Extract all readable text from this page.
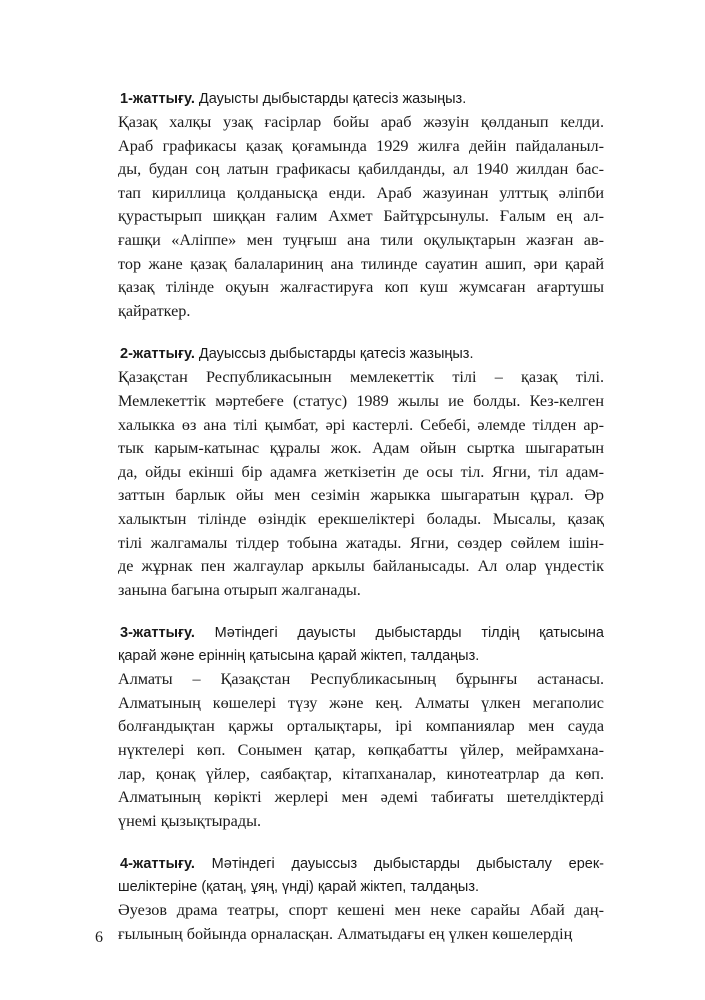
1-жаттығу. Дауысты дыбыстарды қатесіз жазыңыз.
Қазақ халқы узақ ғасірлар бойы араб жәзуін қөлданып келди.
Араб графикасы қазақ қоғамында 1929 жилға дейін пайдаланыл-
ды, будан соң латын графикасы қабилданды, ал 1940 жилдан бас-
тап кириллица қолданысқа енди. Араб жазуинан улттық әліпби
қурастырып шиққан ғалим Ахмет Байтұрсынулы. Ғалым ең ал-
ғашқи «Аліппе» мен туңғыш ана тили оқулықтарын жазған ав-
тор жане қазақ балалариниң ана тилинде сауатин ашип, әри қарай
қазақ тілінде оқуын жалғастируға коп куш жумсаған ағартушы
қайраткер.
2-жаттығу. Дауыссыз дыбыстарды қатесіз жазыңыз.
Қазақстан Республикасынын мемлекеттік тілі – қазақ тілі.
Мемлекеттік мәртебеғе (статус) 1989 жылы ие болды. Кез-келген
халыкка өз ана тілі қымбат, әрі кастерлі. Себебі, әлемде тілден ар-
тык карым-катынас құралы жок. Адам ойын сыртка шыгаратын
да, ойды екінші бір адамға жеткізетін де осы тіл. Ягни, тіл адам-
заттын барлык ойы мен сезімін жарыкка шыгаратын құрал. Әр
халыктын тілінде өзіндік ерекшеліктері болады. Мысалы, қазақ
тілі жалгамалы тілдер тобына жатады. Ягни, сөздер сөйлем ішін-
де жұрнак пен жалгаулар аркылы байланысады. Ал олар үндестік
занына багына отырып жалганады.
3-жаттығу. Мәтіндегі дауысты дыбыстарды тілдің қатысына
қарай және еріннің қатысына қарай жіктеп, талдаңыз.
Алматы – Қазақстан Республикасының бұрынғы астанасы.
Алматының көшелері түзу және кең. Алматы үлкен мегаполис
болғандықтан қаржы орталықтары, ірі компаниялар мен сауда
нүктелері көп. Сонымен қатар, көпқабатты үйлер, мейрамхана-
лар, қонақ үйлер, саябақтар, кітапханалар, кинотеатрлар да көп.
Алматының көрікті жерлері мен әдемі табиғаты шетелдіктерді
үнемі қызықтырады.
4-жаттығу. Мәтіндегі дауыссыз дыбыстарды дыбысталу ерек-
шеліктеріне (қатаң, ұяң, үнді) қарай жіктеп, талдаңыз.
Әуезов драма театры, спорт кешені мен неке сарайы Абай даң-
ғылының бойында орналасқан. Алматыдағы ең үлкен көшелердің
6
